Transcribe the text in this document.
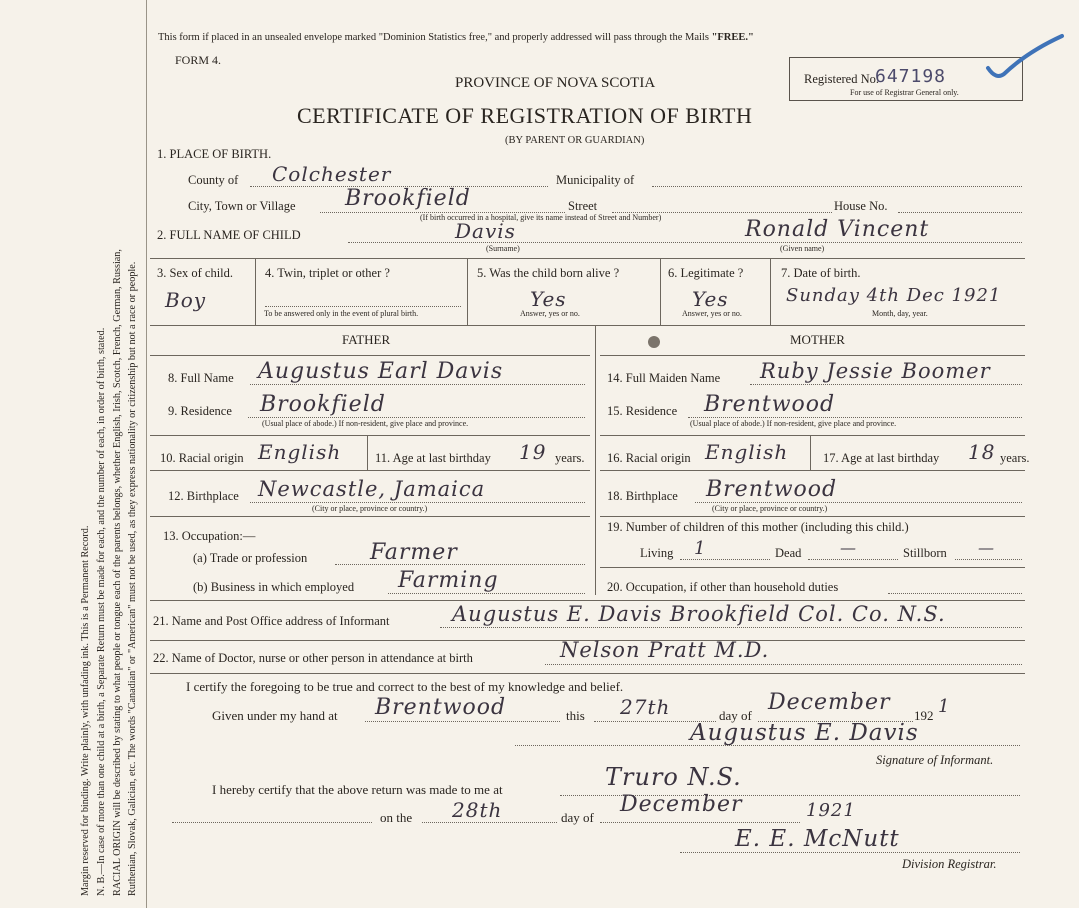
Margin reserved for binding. Write plainly, with unfading ink. This is a Permanent Record. N. B.—In case of more than one child at a birth, a Separate Return must be made for each, and the number of each, in order of birth, stated. RACIAL ORIGIN will be described by stating to what people or tongue each of the parents belongs, whether English, Irish, Scotch, French, German, Russian, Ruthenian, Slovak, Galician, etc. The words "Canadian" or "American" must not be used, as they express nationality or citizenship but not a race or people.
This form if placed in an unsealed envelope marked "Dominion Statistics free," and properly addressed will pass through the Mails "FREE."
FORM 4.
PROVINCE OF NOVA SCOTIA
CERTIFICATE OF REGISTRATION OF BIRTH
(BY PARENT OR GUARDIAN)
Registered No.
647198
For use of Registrar General only.
1. PLACE OF BIRTH.
County of Colchester	Municipality of
City, Town or Village Brookfield	Street	House No.
(If birth occurred in a hospital, give its name instead of Street and Number)
2. FULL NAME OF CHILD	Davis	Ronald Vincent
(Surname)	(Given name)
3. Sex of child.
Boy
4. Twin, triplet or other ?
To be answered only in the event of plural birth.
5. Was the child born alive ?
Yes
Answer, yes or no.
6. Legitimate ?
Yes
Answer, yes or no.
7. Date of birth.
Sunday 4th Dec 1921
Month, day, year.
FATHER	MOTHER
8. Full Name Augustus Earl Davis
9. Residence Brookfield
(Usual place of abode.) If non-resident, give place and province.
10. Racial origin English	11. Age at last birthday 19 years.
12. Birthplace Newcastle, Jamaica
(City or place, province or country.)
13. Occupation:—
(a) Trade or profession	Farmer
(b) Business in which employed Farming
14. Full Maiden Name Ruby Jessie Boomer
15. Residence Brentwood
(Usual place of abode.) If non-resident, give place and province.
16. Racial origin English	17. Age at last birthday 18 years.
18. Birthplace Brentwood
(City or place, province or country.)
19. Number of children of this mother (including this child.)
Living 1	Dead —	Stillborn —
20. Occupation, if other than household duties
21. Name and Post Office address of Informant	Augustus E. Davis Brookfield Col. Co. N.S.
22. Name of Doctor, nurse or other person in attendance at birth	Nelson Pratt M.D.
I certify the foregoing to be true and correct to the best of my knowledge and belief.
Given under my hand at Brentwood	this 27th	day of
December
192 1
Augustus E. Davis
Signature of Informant.
I hereby certify that the above return was made to me at	Truro N.S.
on the 28th	day of
December	1921
E. E. McNutt
Division Registrar.
